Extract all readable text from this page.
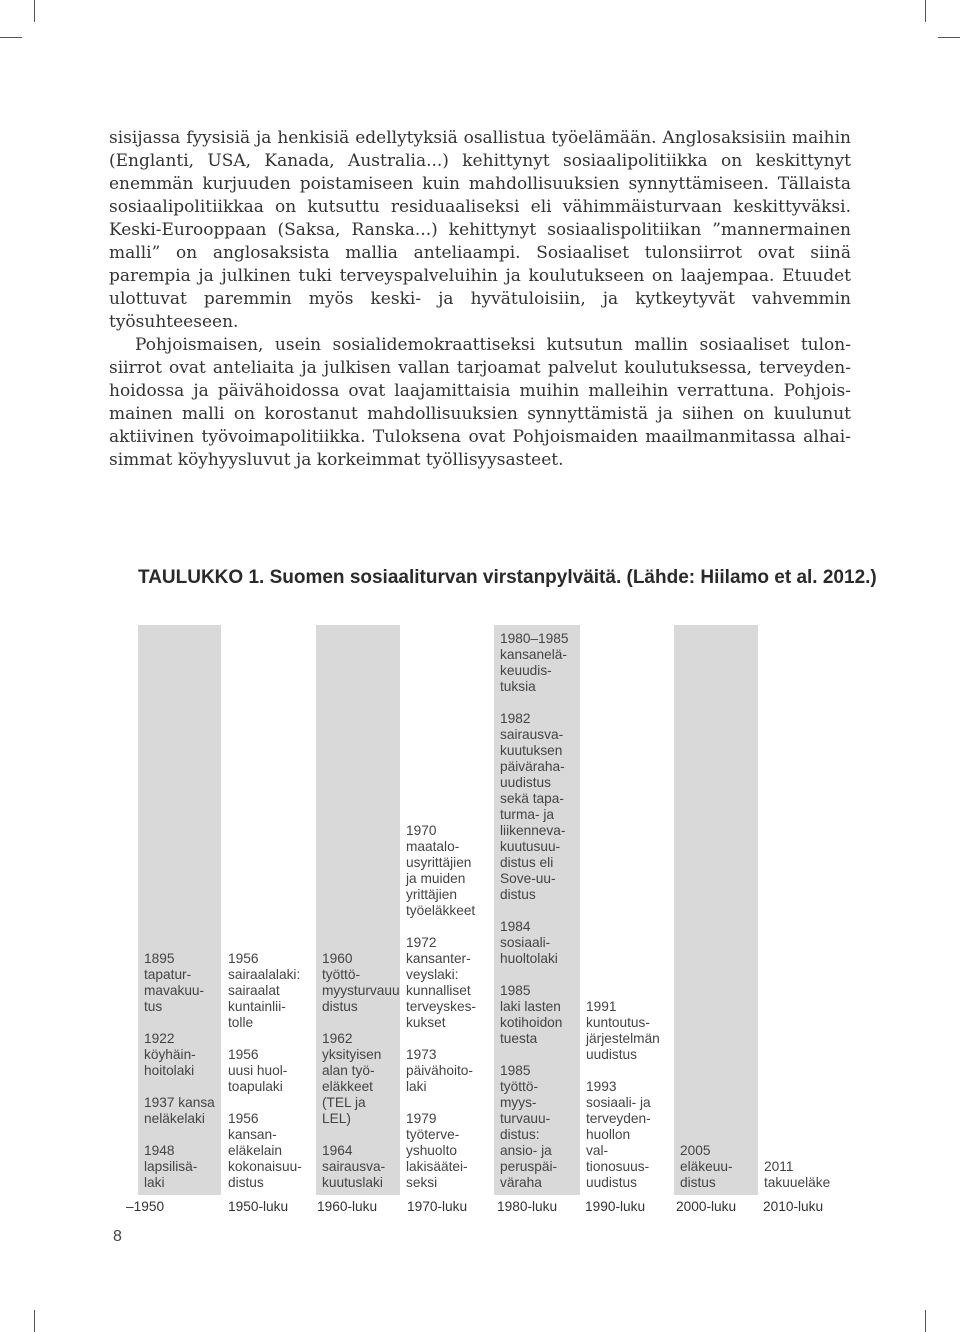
sisijassa fyysisiä ja henkisiä edellytyksiä osallistua työelämään. Anglosaksisiin maihin (Englanti, USA, Kanada, Australia...) kehittynyt sosiaalipolitiikka on keskittynyt enemmän kurjuuden poistamiseen kuin mahdollisuuksien synnyttämiseen. Tällaista sosiaalipolitiikkaa on kutsuttu residuaaliseksi eli vähimmäisturvaan keskittyväksi. Keski-Eurooppaan (Saksa, Ranska...) kehittynyt sosiaalispolitiikan ”mannermainen malli” on anglosaksista mallia anteliaampi. Sosiaaliset tulonsiirrot ovat siinä parempia ja julkinen tuki terveyspalveluihin ja koulutukseen on laajempaa. Etuudet ulottuvat paremmin myös keski- ja hyvätuloisiin, ja kytkeytyvät vahvemmin työsuhteeseen.

Pohjoismaisen, usein sosialidemokraattiseksi kutsutun mallin sosiaaliset tulonsiirrot ovat anteliaita ja julkisen vallan tarjoamat palvelut koulutuksessa, terveydenhoidossa ja päivähoidossa ovat laajamittaisia muihin malleihin verrattuna. Pohjoismainen malli on korostanut mahdollisuuksien synnyttämistä ja siihen on kuulunut aktiivinen työvoimapolitiikka. Tuloksena ovat Pohjoismaiden maailmanmitassa alhaisimmat köyhyysluvut ja korkeimmat työllisyysasteet.

TAULUKKO 1. Suomen sosiaaliturvan virstanpylväitä. (Lähde: Hiilamo et al. 2012.)
1895
tapatur-
mavakuu-
tus
1922
köyhäin-
hoitolaki
1937 kansaneläkelaki
1948
lapsilisä-
laki
1956
sairaalalaki:
sairaalat
kuntainlii-
tolle
1956
uusi huol-
toapulaki
1956
kansan-
eläkelain
kokonaisuu-
distus
1960
työttö-
myysturvauudistus
1962
yksityisen
alan työ-
eläkkeet
(TEL ja
LEL)
1964
sairausva-
kuutuslaki
1970
maatalo-
usyrittäjien
ja muiden
yrittäjien
työeläkkeet
1972
kansanter-
veyslaki:
kunnalliset
terveyskes-
kukset
1973
päivähoito-
laki
1979
työterve-
yshuolto
lakisäätei-
seksi
1980–1985
kansanelä-
keuudis-
tuksia
1982
sairausva-
kuutuksen
päiväraha-
uudistus
sekä tapa-
turma- ja
liikenneva-
kuutusuu-
distus eli
Sove-uu-
distus
1984
sosiaali-
huoltolaki
1985
laki lasten
kotihoidon
tuesta
1985
työttö-
myys-
turvauu-
distus:
ansio- ja
peruspäi-
väraha
1991
kuntoutus-
järjestelmän
uudistus
1993
sosiaali- ja
terveyden-
huollon
val-
tionosuus-
uudistus
2005
eläkeuu-
distus
2011
takuueläke
–1950	1950-luku 1960-luku 1970-luku 1980-luku 1990-luku 2000-luku 2010-luku
8
